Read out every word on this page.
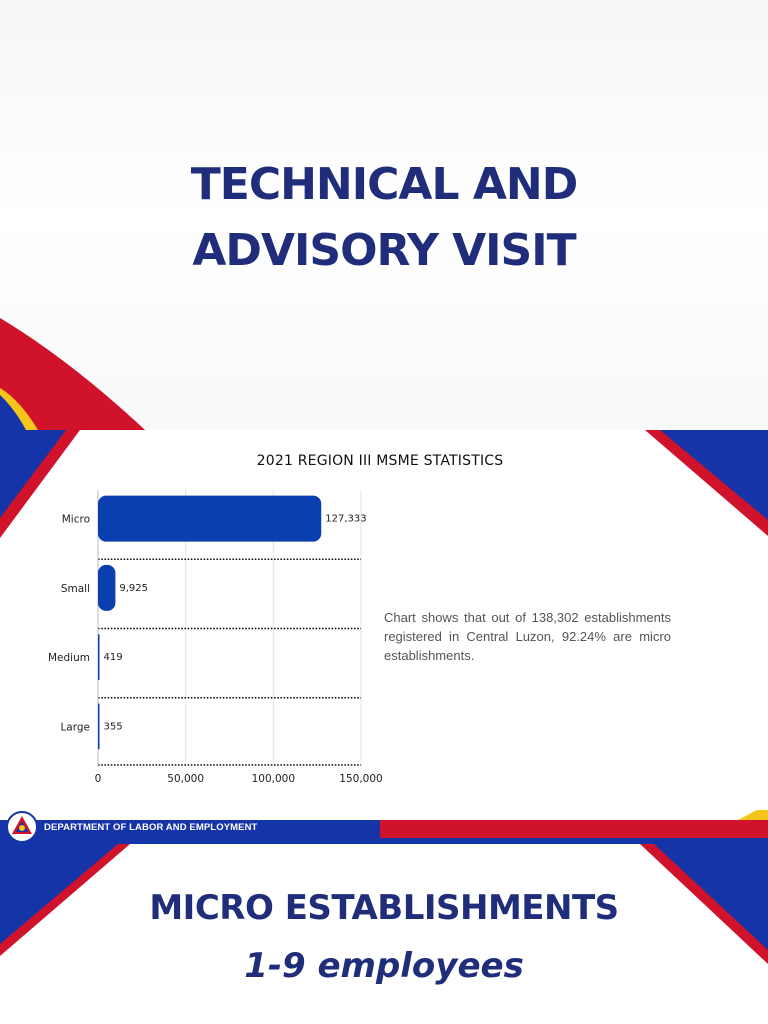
TECHNICAL AND
ADVISORY VISIT
Micro	127,333
Small	9,925
Medium 419
Large 355
0	50,000	100,000	150,000
2021 REGION III MSME STATISTICS
Chart shows that out of 138,302 establishments registered in Central Luzon, 92.24% are micro establishments.
DEPARTMENT OF LABOR AND EMPLOYMENT
MICRO ESTABLISHMENTS
1-9 employees
